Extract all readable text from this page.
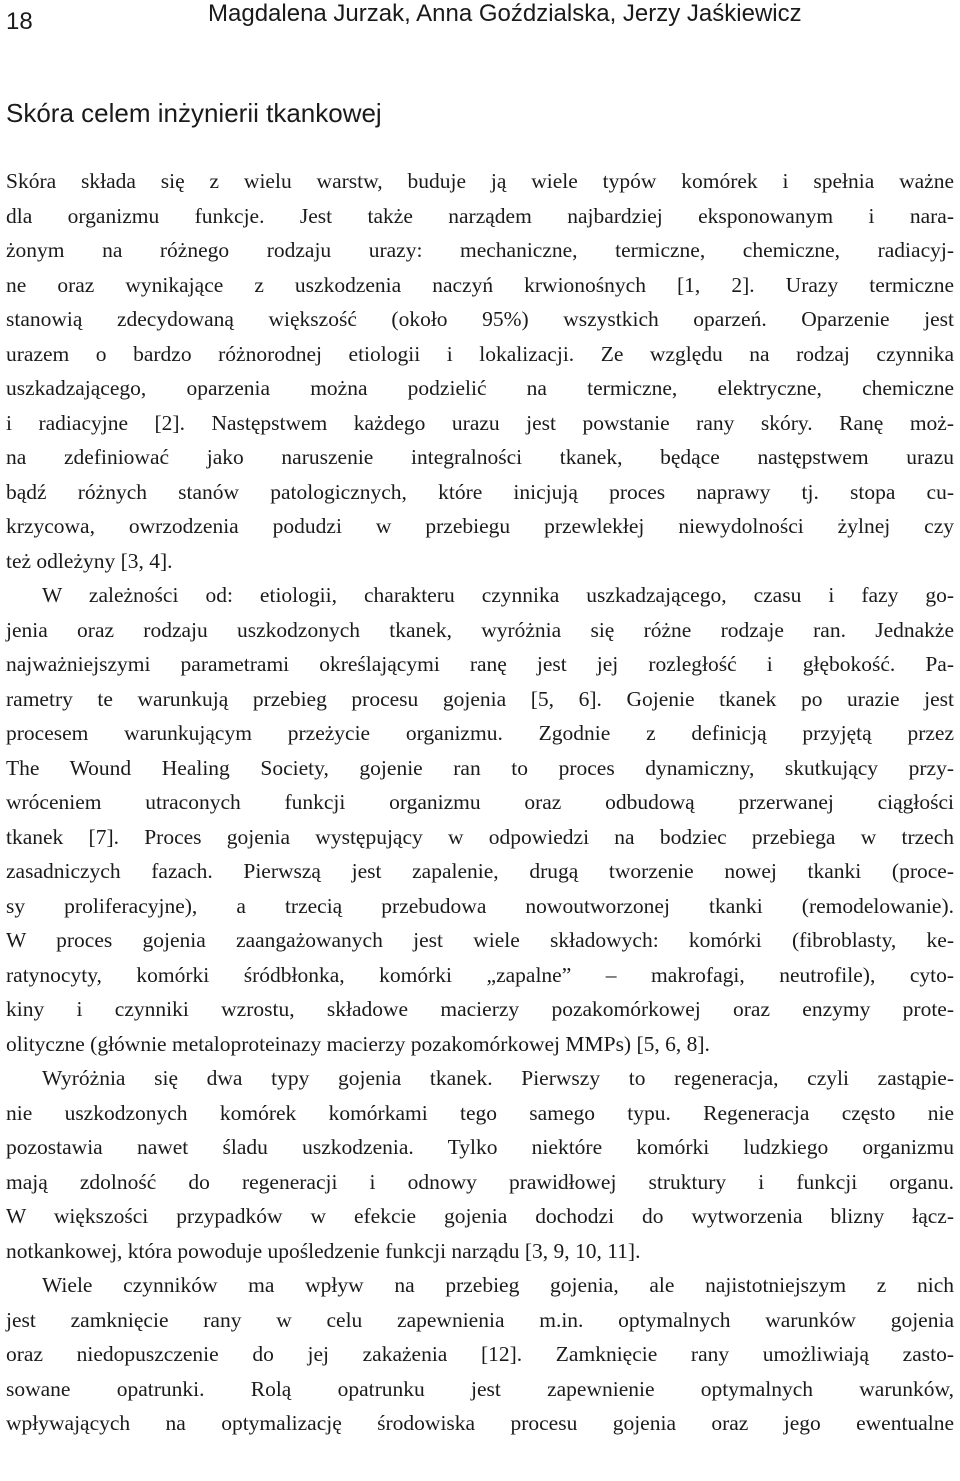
18	Magdalena Jurzak, Anna Goździalska, Jerzy Jaśkiewicz
Skóra celem inżynierii tkankowej
Skóra składa się z wielu warstw, buduje ją wiele typów komórek i spełnia ważne
dla organizmu funkcje. Jest także narządem najbardziej eksponowanym i nara-
żonym na różnego rodzaju urazy: mechaniczne, termiczne, chemiczne, radiacyj-
ne oraz wynikające z uszkodzenia naczyń krwionośnych [1, 2]. Urazy termiczne
stanowią zdecydowaną większość (około 95%) wszystkich oparzeń. Oparzenie jest
urazem o bardzo różnorodnej etiologii i lokalizacji. Ze względu na rodzaj czynnika
uszkadzającego, oparzenia można podzielić na termiczne, elektryczne, chemiczne
i radiacyjne [2]. Następstwem każdego urazu jest powstanie rany skóry. Ranę moż-
na zdefiniować jako naruszenie integralności tkanek, będące następstwem urazu
bądź różnych stanów patologicznych, które inicjują proces naprawy tj. stopa cu-
krzycowa, owrzodzenia podudzi w przebiegu przewlekłej niewydolności żylnej czy
też odleżyny [3, 4].
W zależności od: etiologii, charakteru czynnika uszkadzającego, czasu i fazy go-
jenia oraz rodzaju uszkodzonych tkanek, wyróżnia się różne rodzaje ran. Jednakże
najważniejszymi parametrami określającymi ranę jest jej rozległość i głębokość. Pa-
rametry te warunkują przebieg procesu gojenia [5, 6]. Gojenie tkanek po urazie jest
procesem warunkującym przeżycie organizmu. Zgodnie z definicją przyjętą przez
The Wound Healing Society, gojenie ran to proces dynamiczny, skutkujący przy-
wróceniem utraconych funkcji organizmu oraz odbudową przerwanej ciągłości
tkanek [7]. Proces gojenia występujący w odpowiedzi na bodziec przebiega w trzech
zasadniczych fazach. Pierwszą jest zapalenie, drugą tworzenie nowej tkanki (proce-
sy proliferacyjne), a trzecią przebudowa nowoutworzonej tkanki (remodelowanie).
W proces gojenia zaangażowanych jest wiele składowych: komórki (fibroblasty, ke-
ratynocyty, komórki śródbłonka, komórki „zapalne” – makrofagi, neutrofile), cyto-
kiny i czynniki wzrostu, składowe macierzy pozakomórkowej oraz enzymy prote-
olityczne (głównie metaloproteinazy macierzy pozakomórkowej MMPs) [5, 6, 8].
Wyróżnia się dwa typy gojenia tkanek. Pierwszy to regeneracja, czyli zastąpie-
nie uszkodzonych komórek komórkami tego samego typu. Regeneracja często nie
pozostawia nawet śladu uszkodzenia. Tylko niektóre komórki ludzkiego organizmu
mają zdolność do regeneracji i odnowy prawidłowej struktury i funkcji organu.
W większości przypadków w efekcie gojenia dochodzi do wytworzenia blizny łącz-
notkankowej, która powoduje upośledzenie funkcji narządu [3, 9, 10, 11].
Wiele czynników ma wpływ na przebieg gojenia, ale najistotniejszym z nich
jest zamknięcie rany w celu zapewnienia m.in. optymalnych warunków gojenia
oraz niedopuszczenie do jej zakażenia [12]. Zamknięcie rany umożliwiają zasto-
sowane opatrunki. Rolą opatrunku jest zapewnienie optymalnych warunków,
wpływających na optymalizację środowiska procesu gojenia oraz jego ewentualne
